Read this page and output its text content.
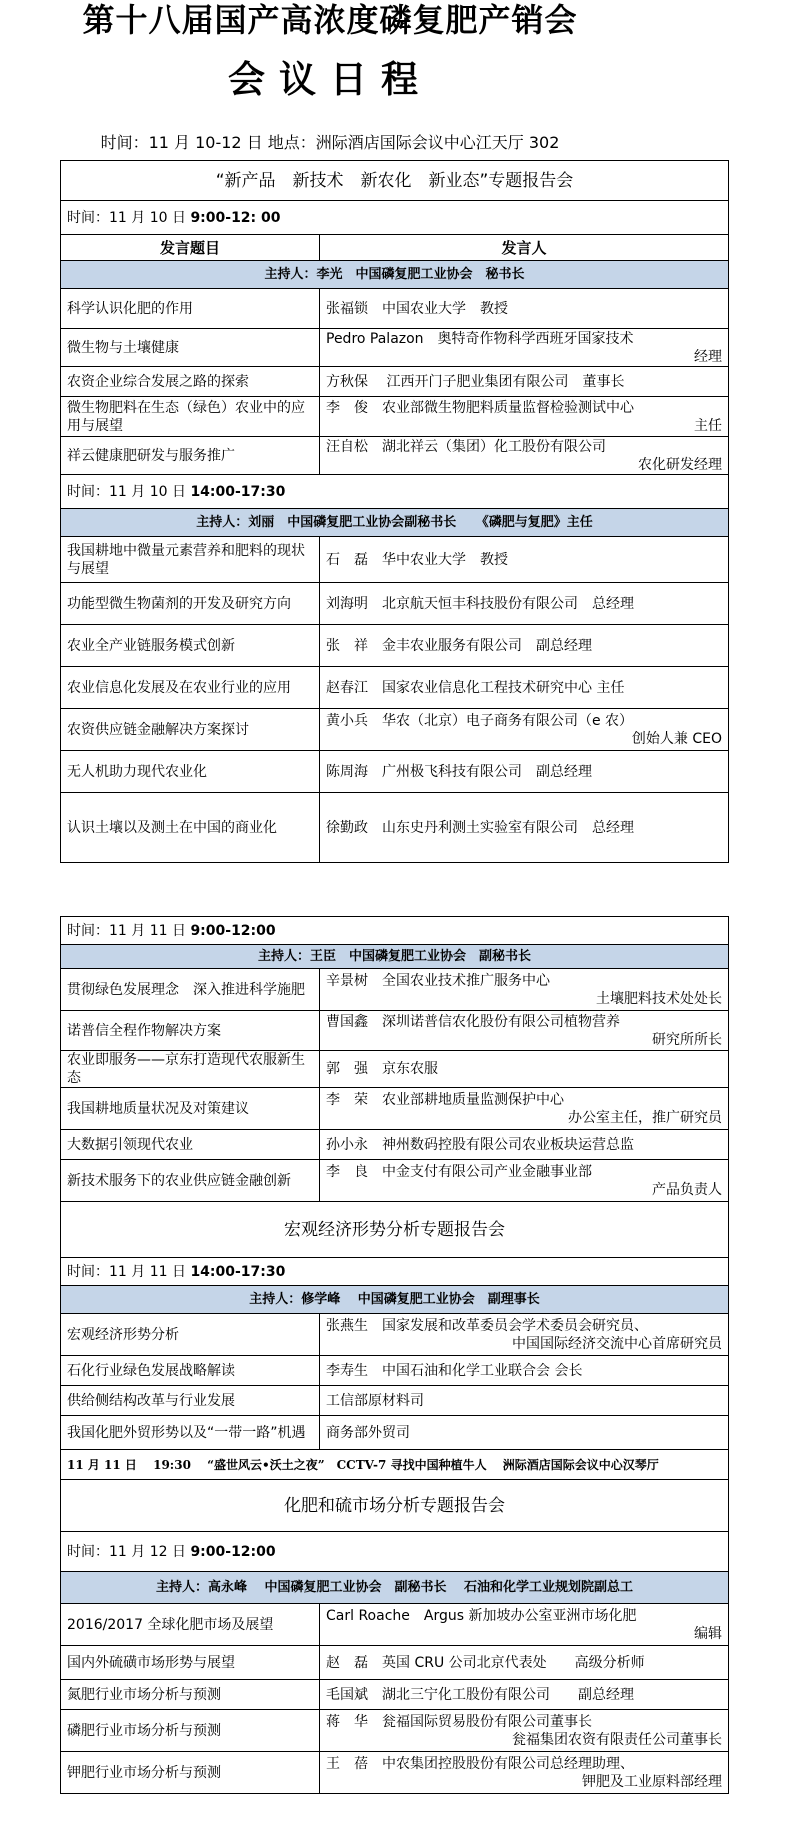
第十八届国产高浓度磷复肥产销会
会议日程
时间：11 月 10-12 日 地点：洲际酒店国际会议中心江天厅 302
“新产品　新技术　新农化　新业态”专题报告会	
时间：11 月 10 日 9:00-12: 00	
发言题目	发言人
主持人：李光　中国磷复肥工业协会　秘书长	
科学认识化肥的作用	张福锁　中国农业大学　教授

微生物与土壤健康	Pedro Palazon　奥特奇作物科学西班牙国家技术
经理

农资企业综合发展之路的探索	方秋保　 江西开门子肥业集团有限公司　董事长

微生物肥料在生态（绿色）农业中的应用与展望	李　俊　农业部微生物肥料质量监督检验测试中心
主任

祥云健康肥研发与服务推广	汪自松　湖北祥云（集团）化工股份有限公司
农化研发经理

时间：11 月 10 日 14:00-17:30	
主持人：刘丽　中国磷复肥工业协会副秘书长　　《磷肥与复肥》主任	
我国耕地中微量元素营养和肥料的现状与展望	石　磊　华中农业大学　教授

功能型微生物菌剂的开发及研究方向	刘海明　北京航天恒丰科技股份有限公司　总经理

农业全产业链服务模式创新	张　祥　金丰农业服务有限公司　副总经理

农业信息化发展及在农业行业的应用	赵春江　国家农业信息化工程技术研究中心 主任

农资供应链金融解决方案探讨	黄小兵　华农（北京）电子商务有限公司（e 农）
创始人兼 CEO

无人机助力现代农业化	陈周海　广州极飞科技有限公司　副总经理

认识土壤以及测土在中国的商业化	徐勤政　山东史丹利测土实验室有限公司　总经理
时间：11 月 11 日 9:00-12:00	
主持人：王臣　中国磷复肥工业协会　副秘书长	
贯彻绿色发展理念　深入推进科学施肥	辛景树　全国农业技术推广服务中心
土壤肥料技术处处长

诺普信全程作物解决方案	曹国鑫　深圳诺普信农化股份有限公司植物营养
研究所所长

农业即服务——京东打造现代农服新生态	郭　强　京东农服

我国耕地质量状况及对策建议	李　荣　农业部耕地质量监测保护中心
办公室主任，推广研究员

大数据引领现代农业	孙小永　神州数码控股有限公司农业板块运营总监

新技术服务下的农业供应链金融创新	李　良　中金支付有限公司产业金融事业部
产品负责人

宏观经济形势分析专题报告会	
时间：11 月 11 日 14:00-17:30	
主持人：修学峰　 中国磷复肥工业协会　副理事长	
宏观经济形势分析	张燕生　国家发展和改革委员会学术委员会研究员、
中国国际经济交流中心首席研究员

石化行业绿色发展战略解读	李寿生　中国石油和化学工业联合会 会长

供给侧结构改革与行业发展	工信部原材料司

我国化肥外贸形势以及“一带一路”机遇	商务部外贸司

11 月 11 日　 19:30　 “盛世风云•沃土之夜”　CCTV-7 寻找中国种植牛人　 洲际酒店国际会议中心汉琴厅	
化肥和硫市场分析专题报告会	
时间：11 月 12 日 9:00-12:00	
主持人：高永峰　 中国磷复肥工业协会　副秘书长　 石油和化学工业规划院副总工	
2016/2017 全球化肥市场及展望	Carl Roache　Argus 新加坡办公室亚洲市场化肥
编辑

国内外硫磺市场形势与展望	赵　磊　英国 CRU 公司北京代表处　　高级分析师

氮肥行业市场分析与预测	毛国斌　湖北三宁化工股份有限公司　　副总经理

磷肥行业市场分析与预测	蒋　华　瓮福国际贸易股份有限公司董事长
瓮福集团农资有限责任公司董事长

钾肥行业市场分析与预测	王　蓓　中农集团控股股份有限公司总经理助理、
钾肥及工业原料部经理
